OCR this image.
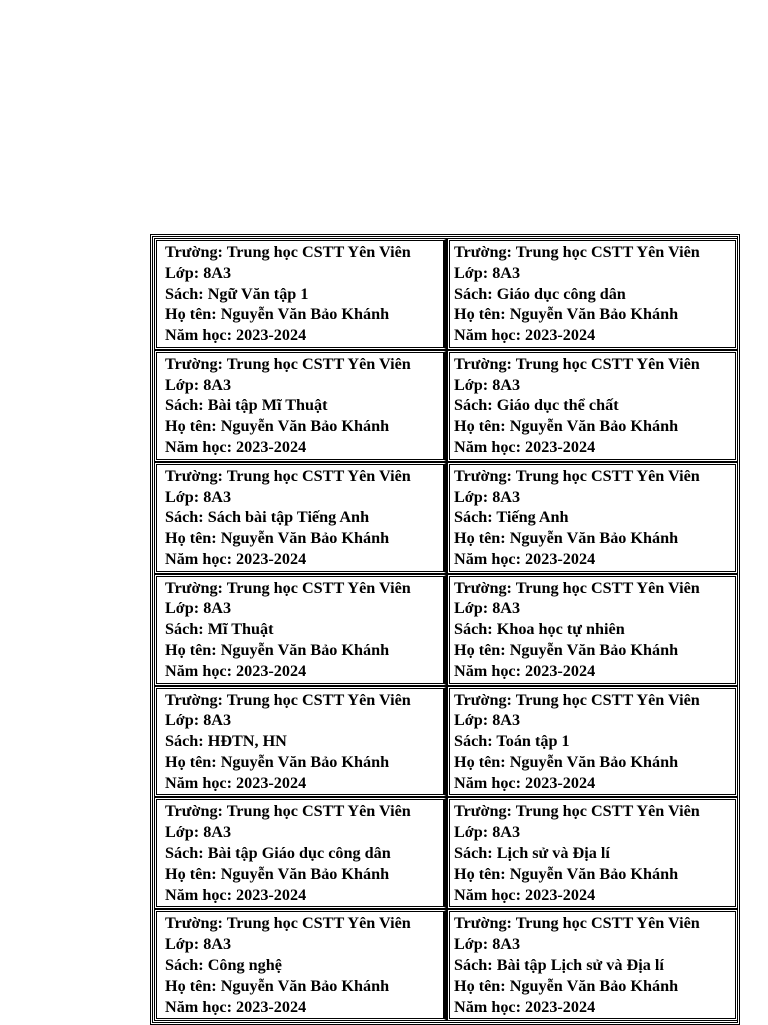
Trường: Trung học CSTT Yên Viên
Lớp: 8A3
Sách: Ngữ Văn tập 1
Họ tên: Nguyễn Văn Bảo Khánh
Năm học: 2023-2024
Trường: Trung học CSTT Yên Viên
Lớp: 8A3
Sách: Giáo dục công dân
Họ tên: Nguyễn Văn Bảo Khánh
Năm học: 2023-2024
Trường: Trung học CSTT Yên Viên
Lớp: 8A3
Sách: Bài tập Mĩ Thuật
Họ tên: Nguyễn Văn Bảo Khánh
Năm học: 2023-2024
Trường: Trung học CSTT Yên Viên
Lớp: 8A3
Sách: Giáo dục thể chất
Họ tên: Nguyễn Văn Bảo Khánh
Năm học: 2023-2024
Trường: Trung học CSTT Yên Viên
Lớp: 8A3
Sách: Sách bài tập Tiếng Anh
Họ tên: Nguyễn Văn Bảo Khánh
Năm học: 2023-2024
Trường: Trung học CSTT Yên Viên
Lớp: 8A3
Sách: Tiếng Anh
Họ tên: Nguyễn Văn Bảo Khánh
Năm học: 2023-2024
Trường: Trung học CSTT Yên Viên
Lớp: 8A3
Sách: Mĩ Thuật
Họ tên: Nguyễn Văn Bảo Khánh
Năm học: 2023-2024
Trường: Trung học CSTT Yên Viên
Lớp: 8A3
Sách: Khoa học tự nhiên
Họ tên: Nguyễn Văn Bảo Khánh
Năm học: 2023-2024
Trường: Trung học CSTT Yên Viên
Lớp: 8A3
Sách: HĐTN, HN
Họ tên: Nguyễn Văn Bảo Khánh
Năm học: 2023-2024
Trường: Trung học CSTT Yên Viên
Lớp: 8A3
Sách: Toán tập 1
Họ tên: Nguyễn Văn Bảo Khánh
Năm học: 2023-2024
Trường: Trung học CSTT Yên Viên
Lớp: 8A3
Sách: Bài tập Giáo dục công dân
Họ tên: Nguyễn Văn Bảo Khánh
Năm học: 2023-2024
Trường: Trung học CSTT Yên Viên
Lớp: 8A3
Sách: Lịch sử và Địa lí
Họ tên: Nguyễn Văn Bảo Khánh
Năm học: 2023-2024
Trường: Trung học CSTT Yên Viên
Lớp: 8A3
Sách: Công nghệ
Họ tên: Nguyễn Văn Bảo Khánh
Năm học: 2023-2024
Trường: Trung học CSTT Yên Viên
Lớp: 8A3
Sách: Bài tập Lịch sử và Địa lí
Họ tên: Nguyễn Văn Bảo Khánh
Năm học: 2023-2024
